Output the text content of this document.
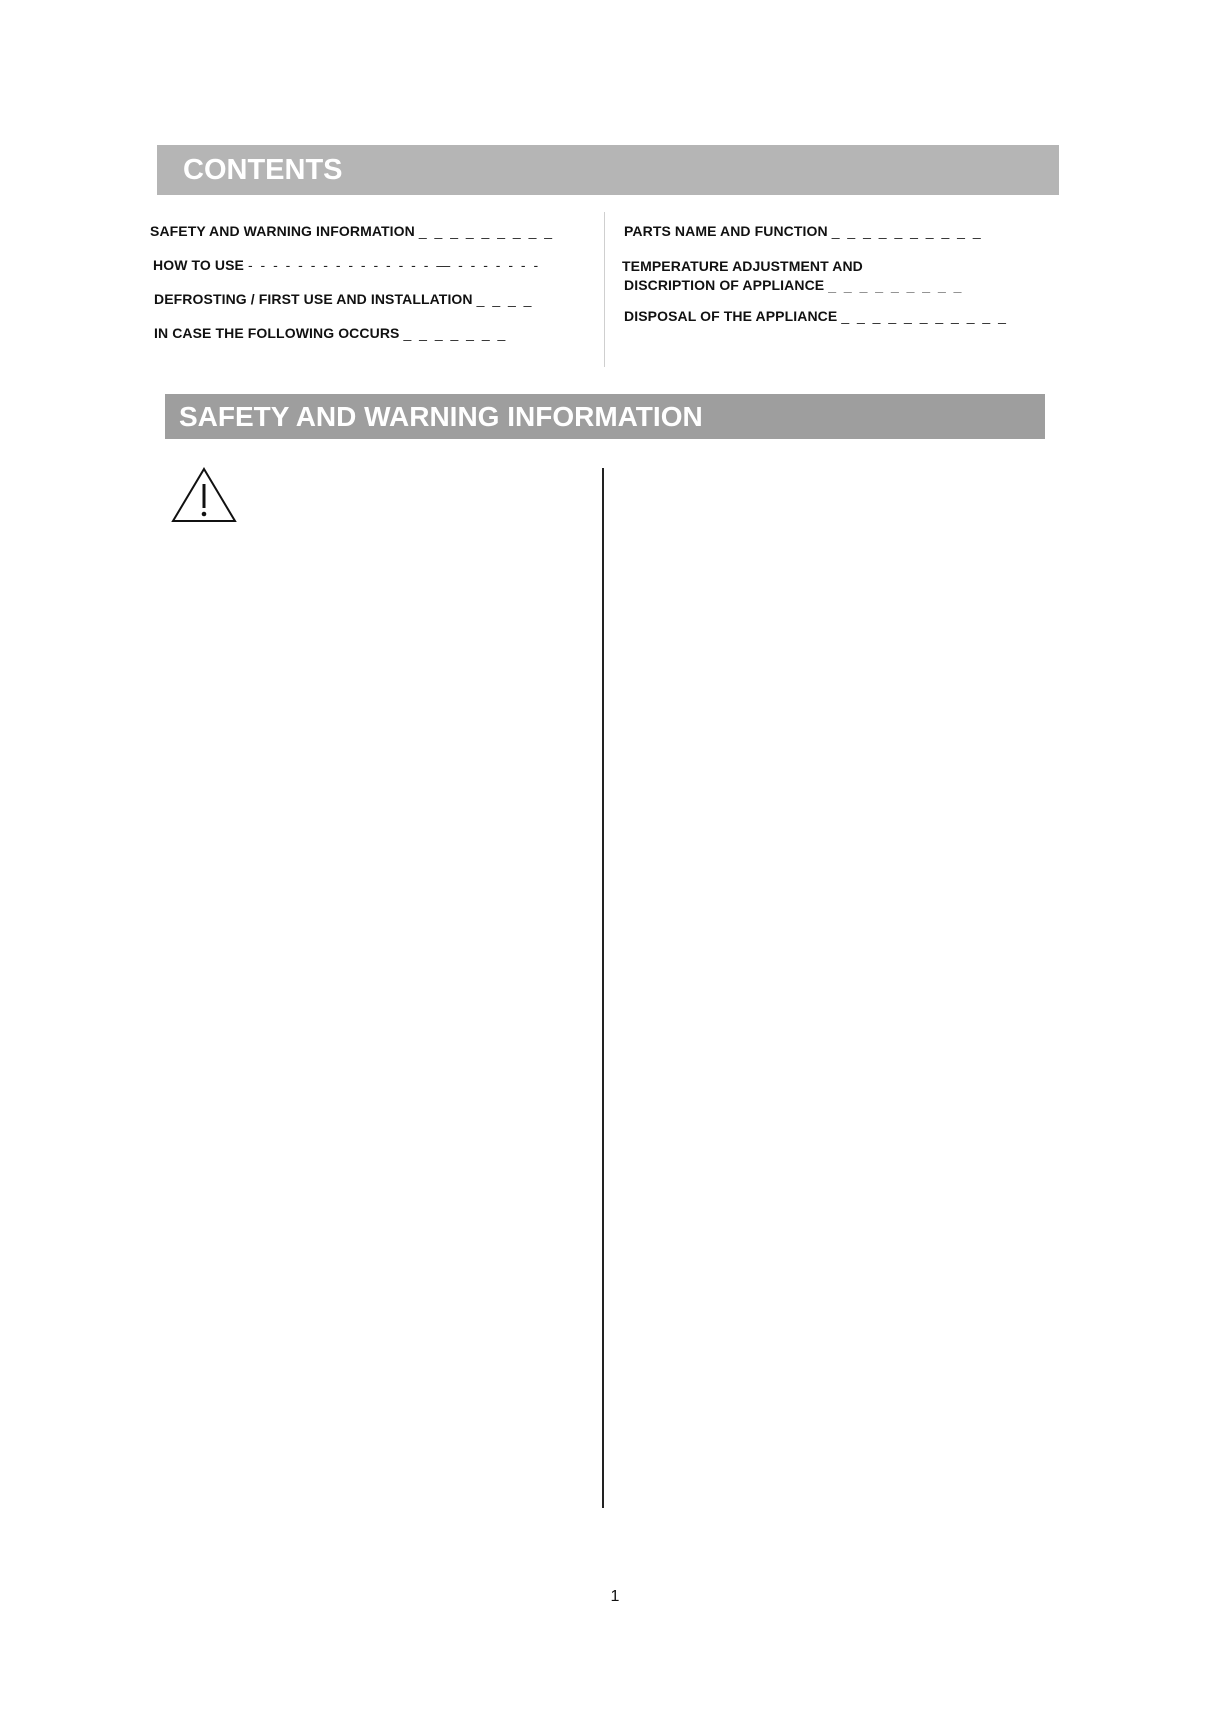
CONTENTS
SAFETY AND WARNING INFORMATION _ _ _ _ _ _ _ _ _
HOW TO USE - - - - - - - - - - - - - - - — - - - - - - -
DEFROSTING / FIRST USE AND INSTALLATION _ _ _ _
IN CASE THE FOLLOWING OCCURS _ _ _ _ _ _ _
PARTS NAME AND FUNCTION _ _ _ _ _ _ _ _ _ _
TEMPERATURE ADJUSTMENT AND
DISCRIPTION OF APPLIANCE _ _ _ _ _ _ _ _ _
DISPOSAL OF THE APPLIANCE _ _ _ _ _ _ _ _ _ _ _
SAFETY AND WARNING INFORMATION
1
